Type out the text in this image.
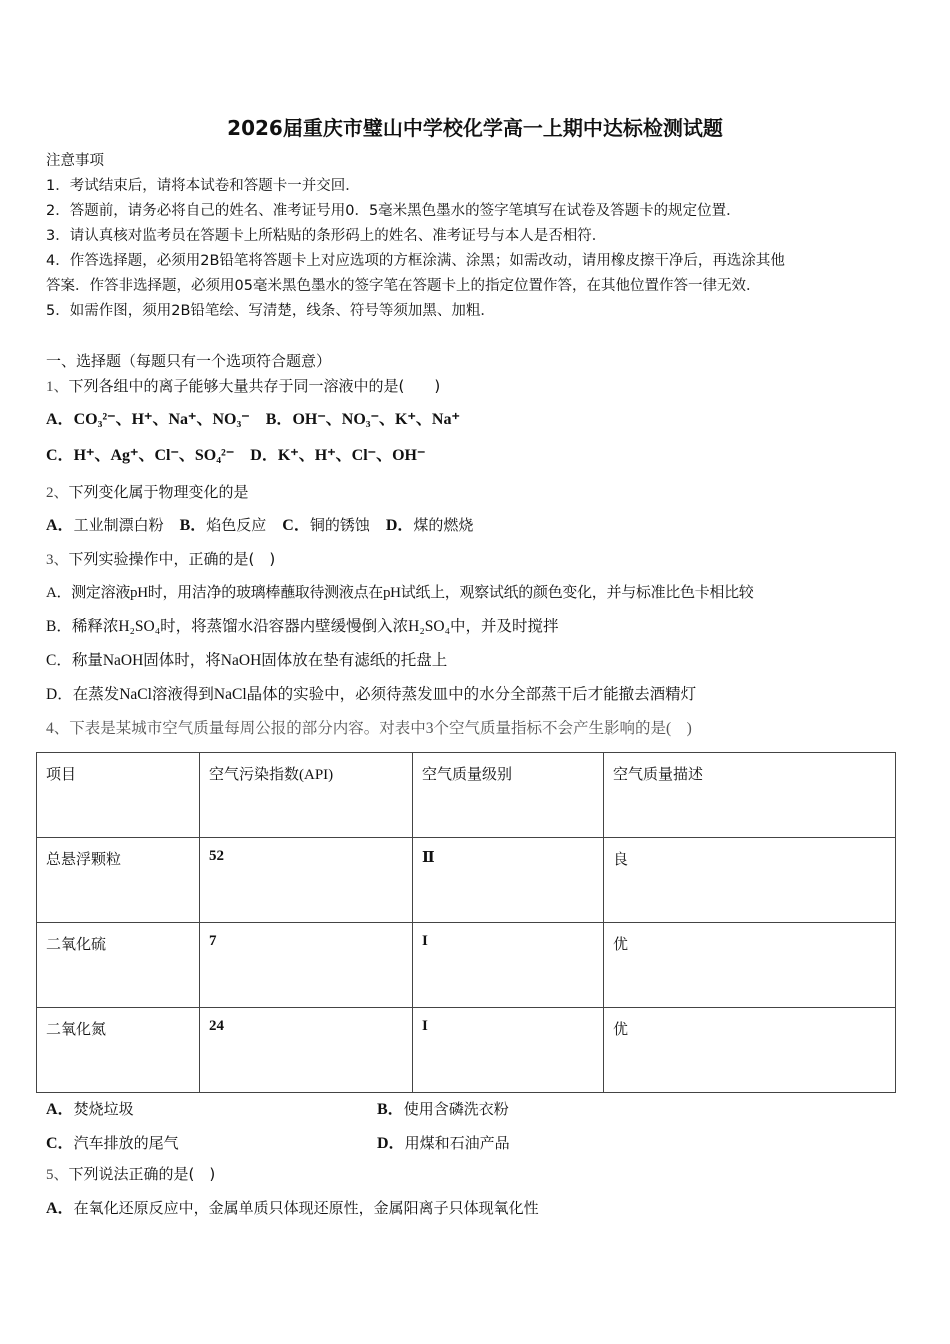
2026届重庆市璧山中学校化学高一上期中达标检测试题
注意事项
1．考试结束后，请将本试卷和答题卡一并交回．
2．答题前，请务必将自己的姓名、准考证号用0．5毫米黑色墨水的签字笔填写在试卷及答题卡的规定位置．
3．请认真核对监考员在答题卡上所粘贴的条形码上的姓名、准考证号与本人是否相符．
4．作答选择题，必须用2B铅笔将答题卡上对应选项的方框涂满、涂黑；如需改动，请用橡皮擦干净后，再选涂其他
答案．作答非选择题，必须用05毫米黑色墨水的签字笔在答题卡上的指定位置作答，在其他位置作答一律无效．
5．如需作图，须用2B铅笔绘、写清楚，线条、符号等须加黑、加粗．
一、选择题（每题只有一个选项符合题意）
1、下列各组中的离子能够大量共存于同一溶液中的是(　　)
A．CO₃²⁻、H⁺、Na⁺、NO₃⁻ B．OH⁻、NO₃⁻、K⁺、Na⁺
C．H⁺、Ag⁺、Cl⁻、SO₄²⁻ D．K⁺、H⁺、Cl⁻、OH⁻
2、下列变化属于物理变化的是
A．工业制漂白粉 B．焰色反应 C．铜的锈蚀 D．煤的燃烧
3、下列实验操作中，正确的是(　)
A．测定溶液pH时，用洁净的玻璃棒蘸取待测液点在pH试纸上，观察试纸的颜色变化，并与标准比色卡相比较
B．稀释浓H₂SO₄时，将蒸馏水沿容器内壁缓慢倒入浓H₂SO₄中，并及时搅拌
C．称量NaOH固体时，将NaOH固体放在垫有滤纸的托盘上
D．在蒸发NaCl溶液得到NaCl晶体的实验中，必须待蒸发皿中的水分全部蒸干后才能撤去酒精灯
4、下表是某城市空气质量每周公报的部分内容。对表中3个空气质量指标不会产生影响的是(　)
项目	空气污染指数(API)	空气质量级别	空气质量描述
总悬浮颗粒	52	Ⅱ	良
二氧化硫	7	I	优
二氧化氮	24	I	优
A．焚烧垃圾	B．使用含磷洗衣粉
C．汽车排放的尾气	D．用煤和石油产品
5、下列说法正确的是(　)
A．在氧化还原反应中，金属单质只体现还原性，金属阳离子只体现氧化性
